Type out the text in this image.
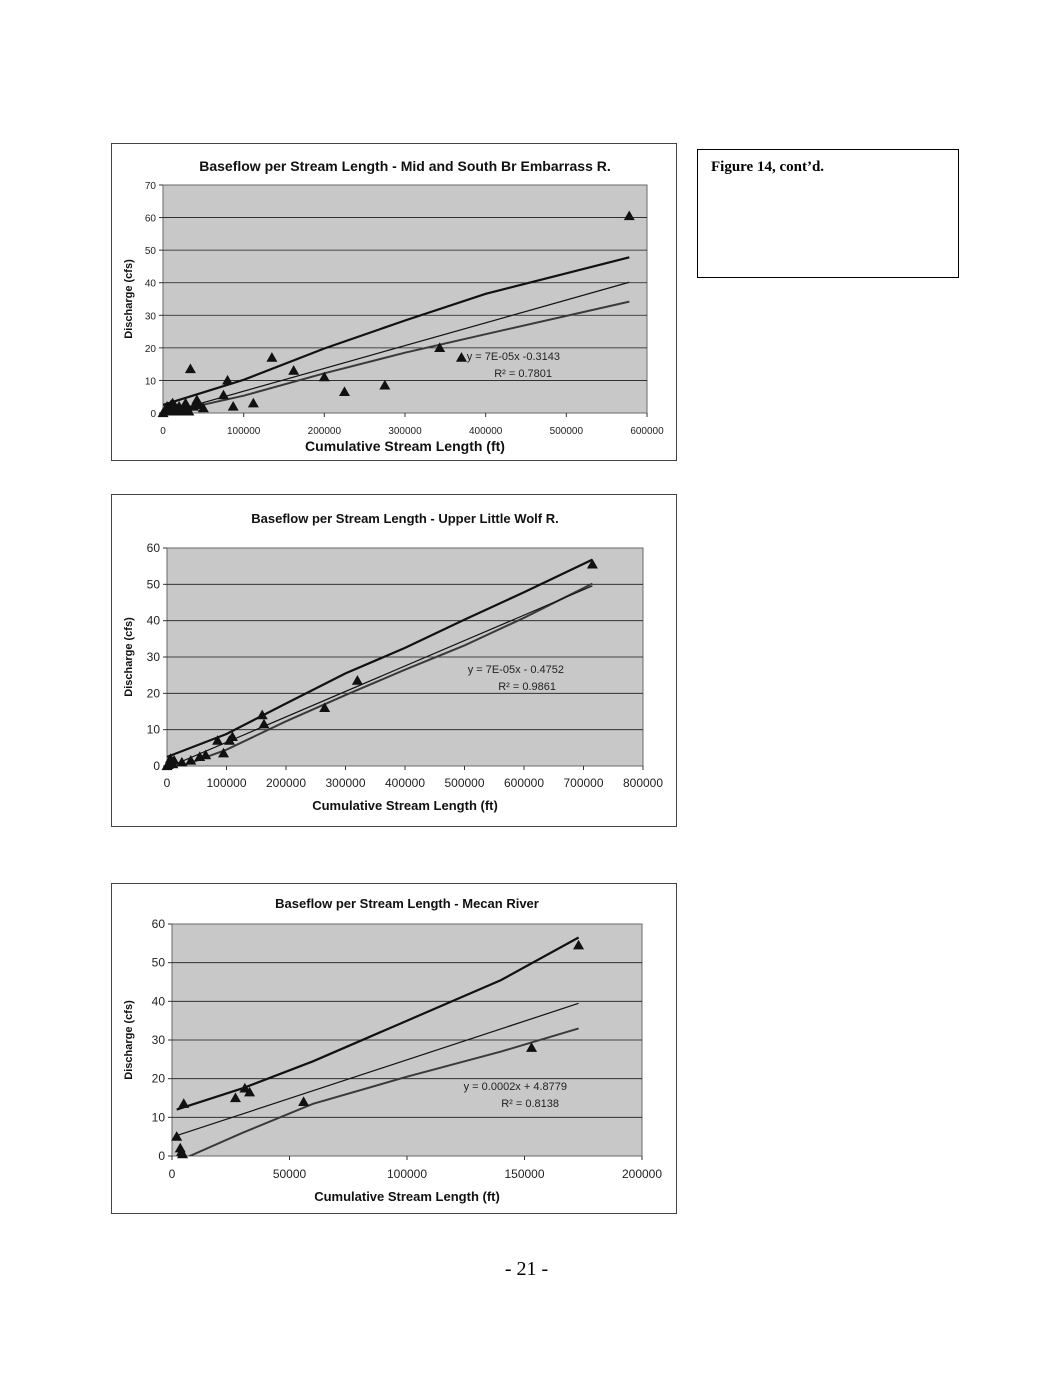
0
10
20
30
40
50
60
70
0	100000	200000	300000	400000	500000	600000
Baseflow per Stream Length - Mid and South Br Embarrass R.
Cumulative Stream Length (ft)
Discharge (cfs)
y = 7E-05x -0.3143
R² = 0.7801
Figure 14, cont’d.
0
10
20
30
40
50
60
0	100000 200000 300000 400000 500000 600000 700000 800000
Baseflow per Stream Length - Upper Little Wolf R.
Cumulative Stream Length (ft)
Discharge (cfs)	y = 7E-05x - 0.4752
R² = 0.9861
0
10
20
30
40
50
60
0	50000	100000	150000	200000
Baseflow per Stream Length - Mecan River
Cumulative Stream Length (ft)
Discharge (cfs)
y = 0.0002x + 4.8779
R² = 0.8138
- 21 -
